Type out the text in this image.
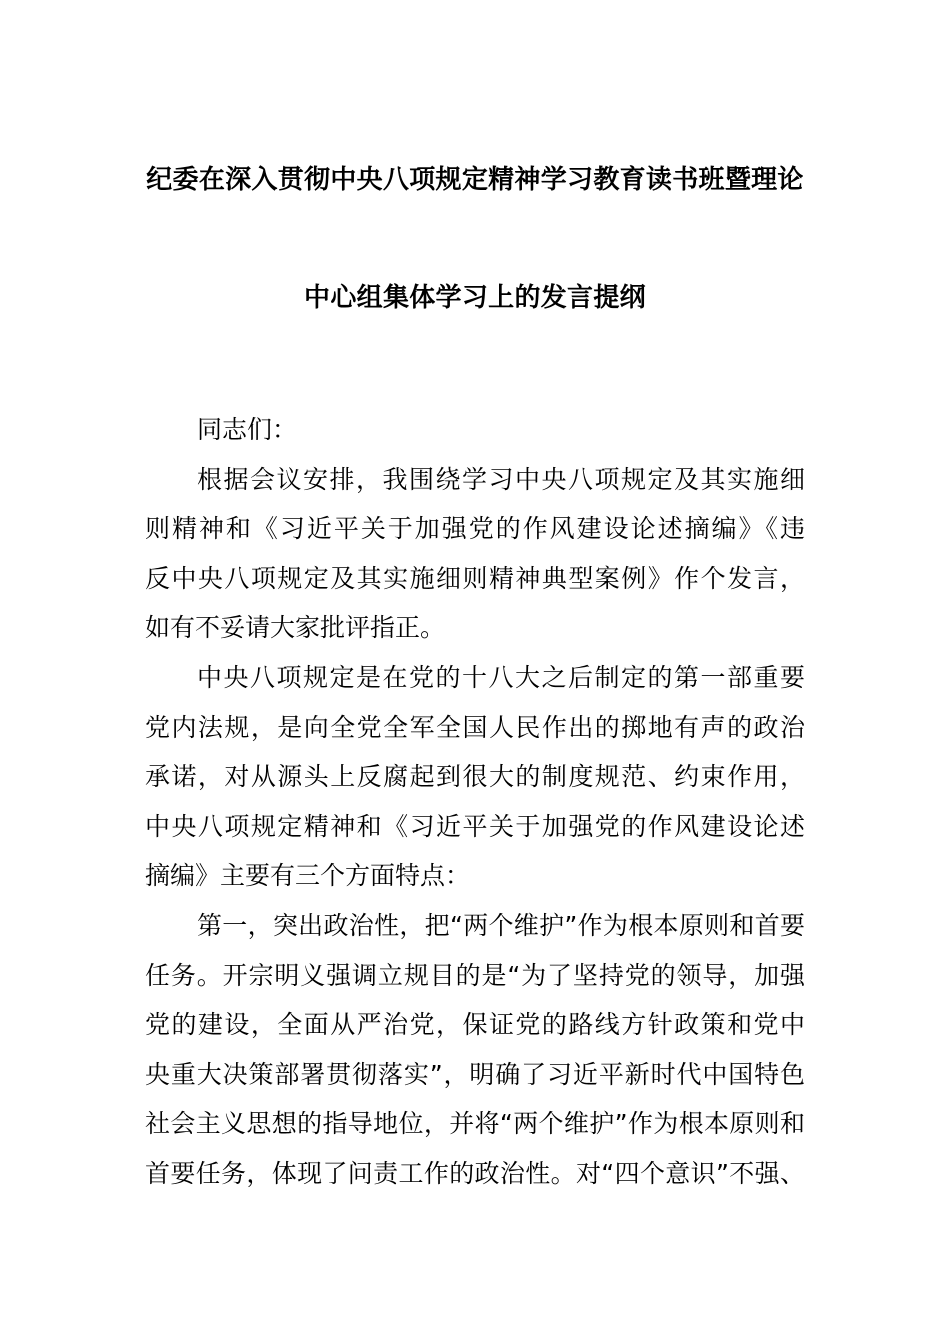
纪委在深入贯彻中央八项规定精神学习教育读书班暨理论
中心组集体学习上的发言提纲
同志们：
根据会议安排，我围绕学习中央八项规定及其实施细
则精神和《习近平关于加强党的作风建设论述摘编》《违
反中央八项规定及其实施细则精神典型案例》作个发言，
如有不妥请大家批评指正。
中央八项规定是在党的十八大之后制定的第一部重要
党内法规，是向全党全军全国人民作出的掷地有声的政治
承诺，对从源头上反腐起到很大的制度规范、约束作用，
中央八项规定精神和《习近平关于加强党的作风建设论述
摘编》主要有三个方面特点：
第一，突出政治性，把“两个维护”作为根本原则和首要
任务。开宗明义强调立规目的是“为了坚持党的领导，加强
党的建设，全面从严治党，保证党的路线方针政策和党中
央重大决策部署贯彻落实”，明确了习近平新时代中国特色
社会主义思想的指导地位，并将“两个维护”作为根本原则和
首要任务，体现了问责工作的政治性。对“四个意识”不强、
